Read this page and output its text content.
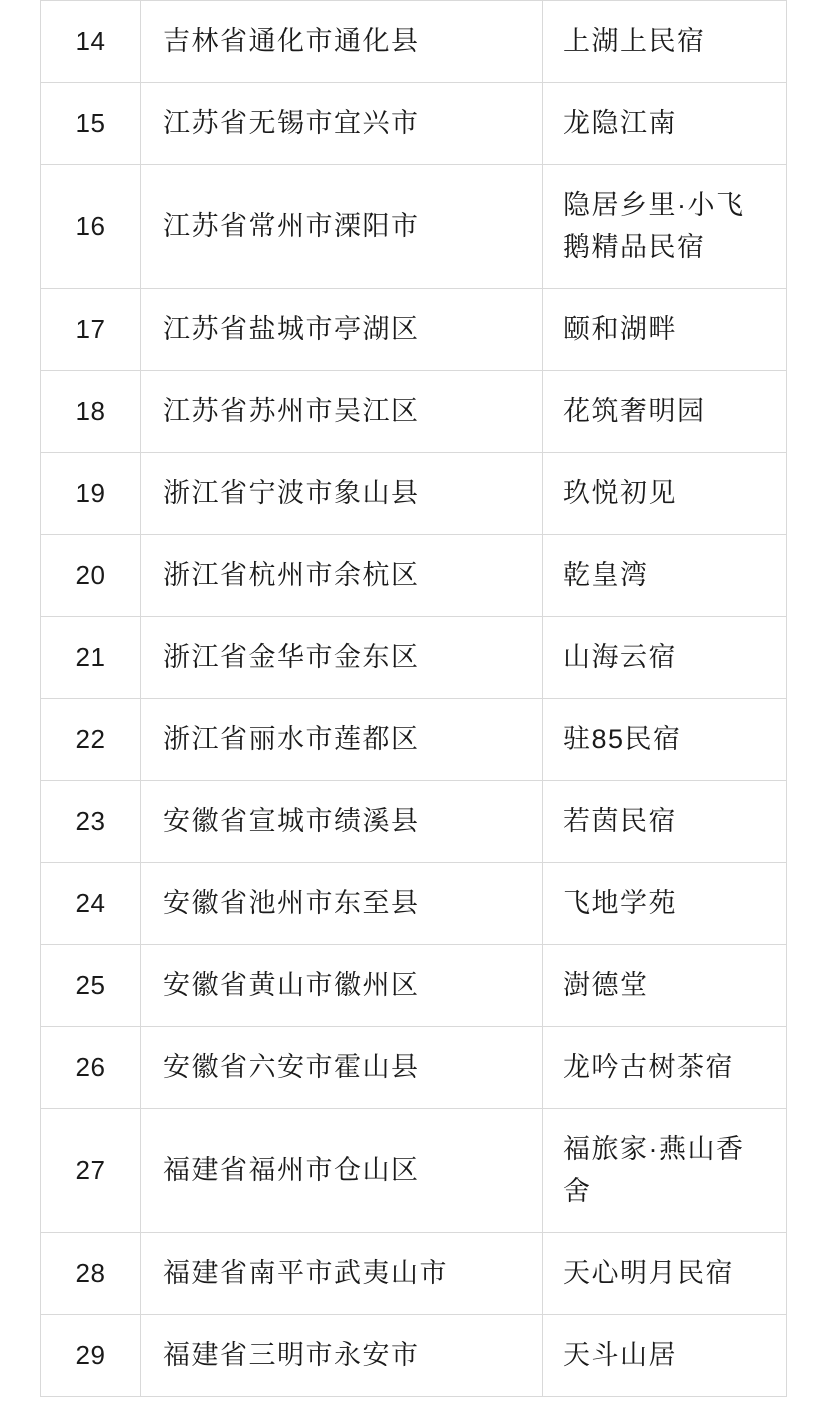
14	吉林省通化市通化县	上湖上民宿

15	江苏省无锡市宜兴市	龙隐江南

16	江苏省常州市溧阳市	隐居乡里·小飞鹅精品民宿

17	江苏省盐城市亭湖区	颐和湖畔

18	江苏省苏州市吴江区	花筑奢明园

19	浙江省宁波市象山县	玖悦初见

20	浙江省杭州市余杭区	乾皇湾

21	浙江省金华市金东区	山海云宿

22	浙江省丽水市莲都区	驻85民宿

23	安徽省宣城市绩溪县	若茵民宿

24	安徽省池州市东至县	飞地学苑

25	安徽省黄山市徽州区	澍德堂

26	安徽省六安市霍山县	龙吟古树茶宿

27	福建省福州市仓山区	福旅家·燕山香舍

28	福建省南平市武夷山市	天心明月民宿

29	福建省三明市永安市	天斗山居
